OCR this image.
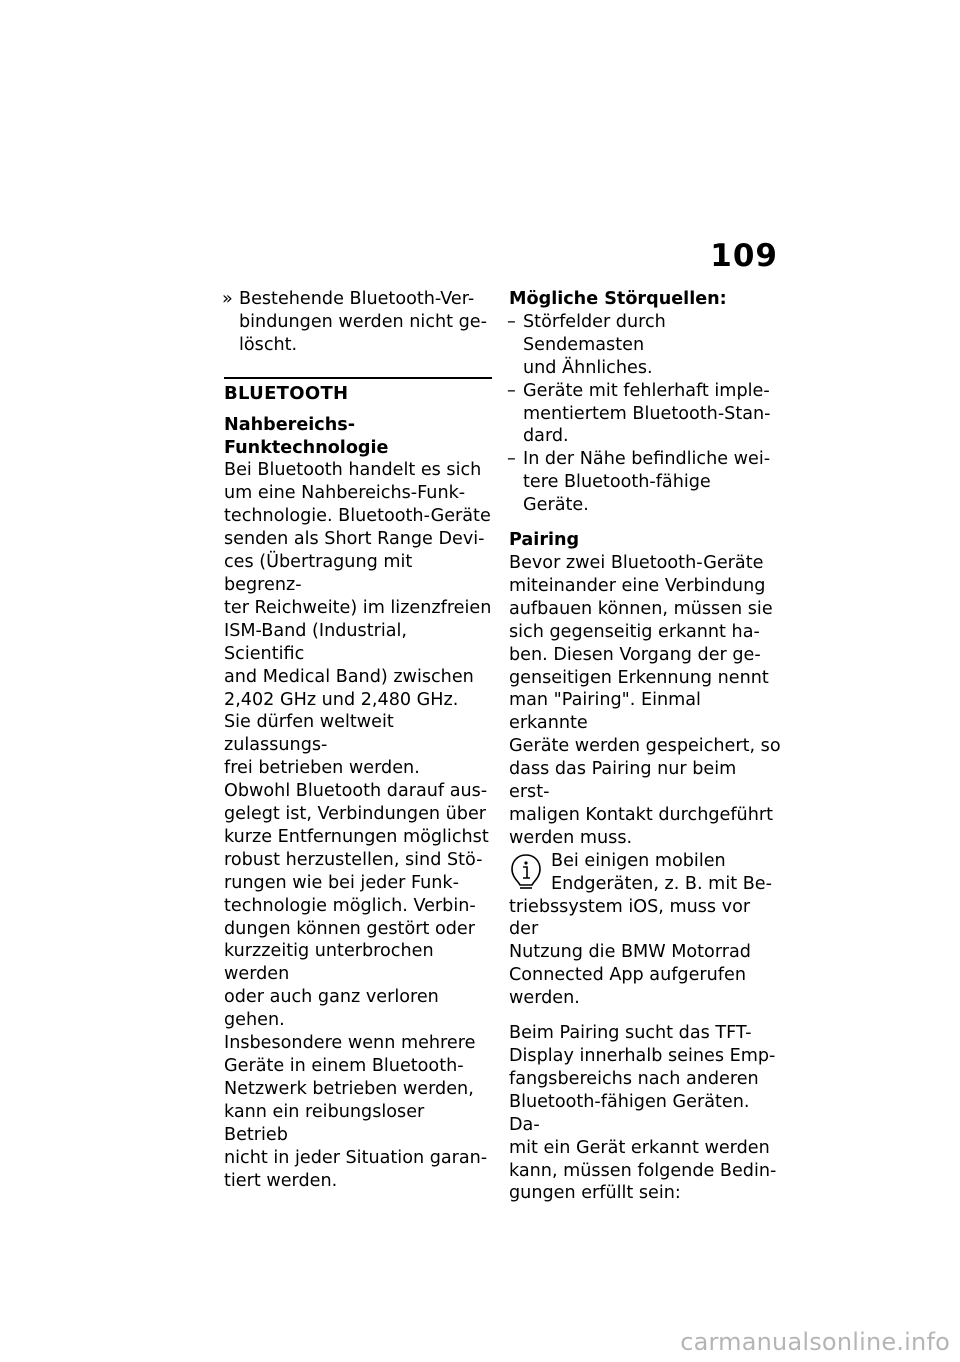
109
» Bestehende Bluetooth-Ver-
bindungen werden nicht ge-
löscht.
BLUETOOTH
Nahbereichs-Funktechnologie
Bei Bluetooth handelt es sich
um eine Nahbereichs-Funk-
technologie. Bluetooth-Geräte
senden als Short Range Devi-
ces (Übertragung mit begrenz-
ter Reichweite) im lizenzfreien
ISM-Band (Industrial, Scientific
and Medical Band) zwischen
2,402 GHz und 2,480 GHz.
Sie dürfen weltweit zulassungs-
frei betrieben werden.
Obwohl Bluetooth darauf aus-
gelegt ist, Verbindungen über
kurze Entfernungen möglichst
robust herzustellen, sind Stö-
rungen wie bei jeder Funk-
technologie möglich. Verbin-
dungen können gestört oder
kurzzeitig unterbrochen werden
oder auch ganz verloren gehen.
Insbesondere wenn mehrere
Geräte in einem Bluetooth-
Netzwerk betrieben werden,
kann ein reibungsloser Betrieb
nicht in jeder Situation garan-
tiert werden.
Mögliche Störquellen:
– Störfelder durch Sendemasten
und Ähnliches.
– Geräte mit fehlerhaft imple-
mentiertem Bluetooth-Stan-
dard.
– In der Nähe befindliche wei-
tere Bluetooth-fähige Geräte.
Pairing
Bevor zwei Bluetooth-Geräte
miteinander eine Verbindung
aufbauen können, müssen sie
sich gegenseitig erkannt ha-
ben. Diesen Vorgang der ge-
genseitigen Erkennung nennt
man "Pairing". Einmal erkannte
Geräte werden gespeichert, so
dass das Pairing nur beim erst-
maligen Kontakt durchgeführt
werden muss.
Bei einigen mobilen
Endgeräten, z. B. mit Be-
triebssystem iOS, muss vor der
Nutzung die BMW Motorrad
Connected App aufgerufen
werden.
Beim Pairing sucht das TFT-
Display innerhalb seines Emp-
fangsbereichs nach anderen
Bluetooth-fähigen Geräten. Da-
mit ein Gerät erkannt werden
kann, müssen folgende Bedin-
gungen erfüllt sein:
carmanualsonline.info
